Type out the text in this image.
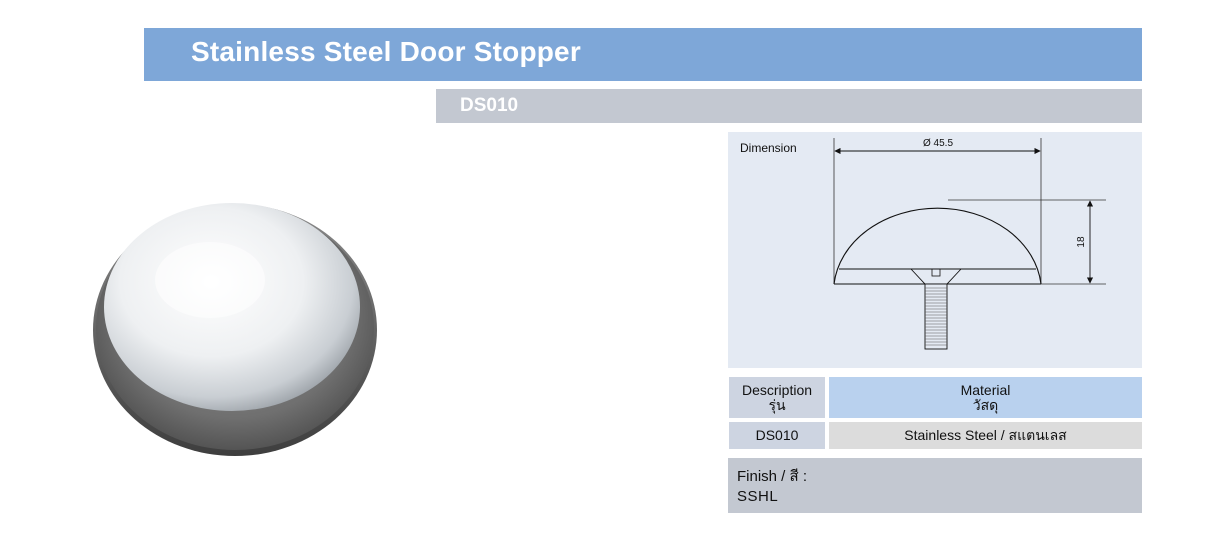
Stainless Steel Door Stopper
DS010
Dimension	Ø 45.5
18
Description
รุ่น
Material
วัสดุ
DS010	Stainless Steel / สแตนเลส
Finish / สี :
SSHL
